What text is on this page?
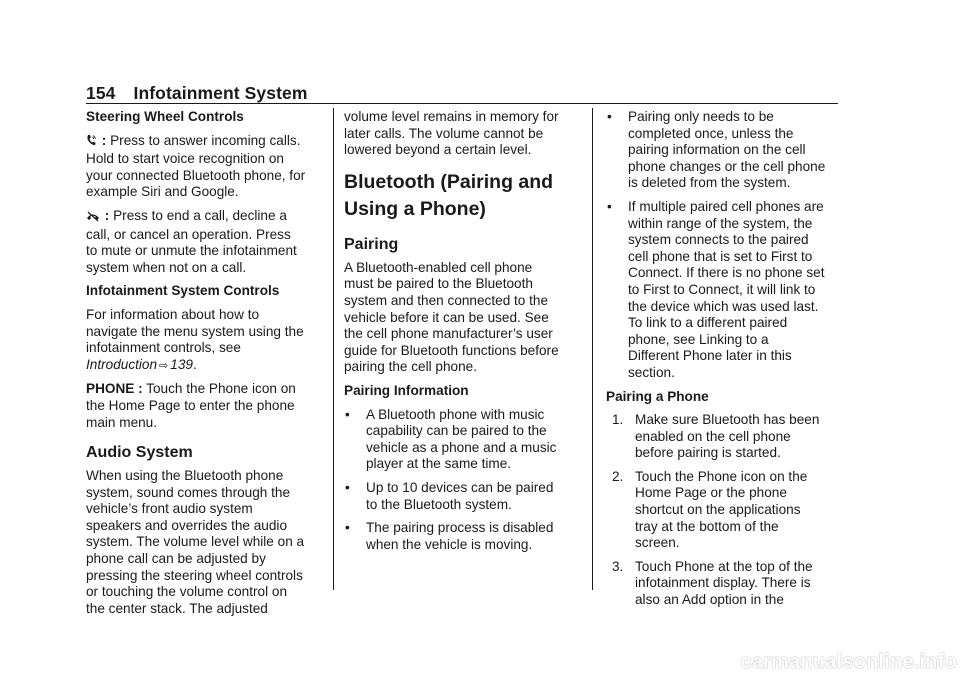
154 Infotainment System

Steering Wheel Controls

: Press to answer incoming calls.
Hold to start voice recognition on
your connected Bluetooth phone, for
example Siri and Google.

: Press to end a call, decline a
call, or cancel an operation. Press
to mute or unmute the infotainment
system when not on a call.

Infotainment System Controls

For information about how to
navigate the menu system using the
infotainment controls, see
Introduction ⇨ 139.

PHONE : Touch the Phone icon on
the Home Page to enter the phone
main menu.

Audio System

When using the Bluetooth phone
system, sound comes through the
vehicle’s front audio system
speakers and overrides the audio
system. The volume level while on a
phone call can be adjusted by
pressing the steering wheel controls
or touching the volume control on
the center stack. The adjusted

volume level remains in memory for
later calls. The volume cannot be
lowered beyond a certain level.

Bluetooth (Pairing and
Using a Phone)

Pairing

A Bluetooth-enabled cell phone
must be paired to the Bluetooth
system and then connected to the
vehicle before it can be used. See
the cell phone manufacturer’s user
guide for Bluetooth functions before
pairing the cell phone.

Pairing Information

• A Bluetooth phone with music
capability can be paired to the
vehicle as a phone and a music
player at the same time.
• Up to 10 devices can be paired
to the Bluetooth system.
• The pairing process is disabled
when the vehicle is moving.
• Pairing only needs to be
completed once, unless the
pairing information on the cell
phone changes or the cell phone
is deleted from the system.
• If multiple paired cell phones are
within range of the system, the
system connects to the paired
cell phone that is set to First to
Connect. If there is no phone set
to First to Connect, it will link to
the device which was used last.
To link to a different paired
phone, see Linking to a
Different Phone later in this
section.

Pairing a Phone

1. Make sure Bluetooth has been
enabled on the cell phone
before pairing is started.
2. Touch the Phone icon on the
Home Page or the phone
shortcut on the applications
tray at the bottom of the
screen.
3. Touch Phone at the top of the
infotainment display. There is
also an Add option in the
carmanualsonline.info
